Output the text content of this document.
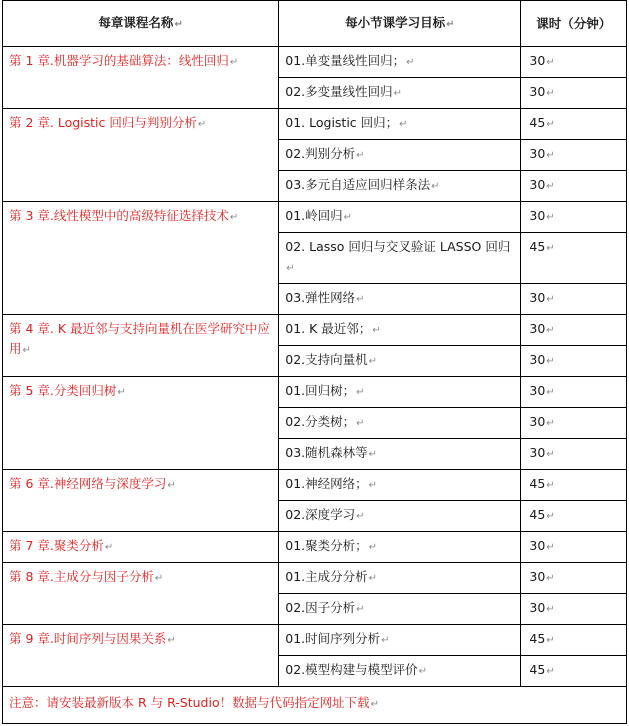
每章课程名称↵	每小节课学习目标↵	课时（分钟）
第 1 章.机器学习的基础算法：线性回归↵	01.单变量线性回归；↵	30↵
	02.多变量线性回归↵	30↵
第 2 章. Logistic 回归与判别分析↵	01. Logistic 回归；↵	45↵
	02.判别分析↵	30↵
	03.多元自适应回归样条法↵	30↵
第 3 章.线性模型中的高级特征选择技术↵	01.岭回归↵	30↵
	02. Lasso 回归与交叉验证 LASSO 回归↵	45↵
	03.弹性网络↵	30↵
第 4 章. K 最近邻与支持向量机在医学研究中应用↵	01. K 最近邻；↵	30↵
	02.支持向量机↵	30↵
第 5 章.分类回归树↵	01.回归树；↵	30↵
	02.分类树；↵	30↵
	03.随机森林等↵	30↵
第 6 章.神经网络与深度学习↵	01.神经网络；↵	45↵
	02.深度学习↵	45↵
第 7 章.聚类分析↵	01.聚类分析；↵	30↵
第 8 章.主成分与因子分析↵	01.主成分分析↵	30↵
	02.因子分析↵	30↵
第 9 章.时间序列与因果关系↵	01.时间序列分析↵	45↵
	02.模型构建与模型评价↵	45↵
注意：请安装最新版本 R 与 R-Studio！数据与代码指定网址下载↵		
